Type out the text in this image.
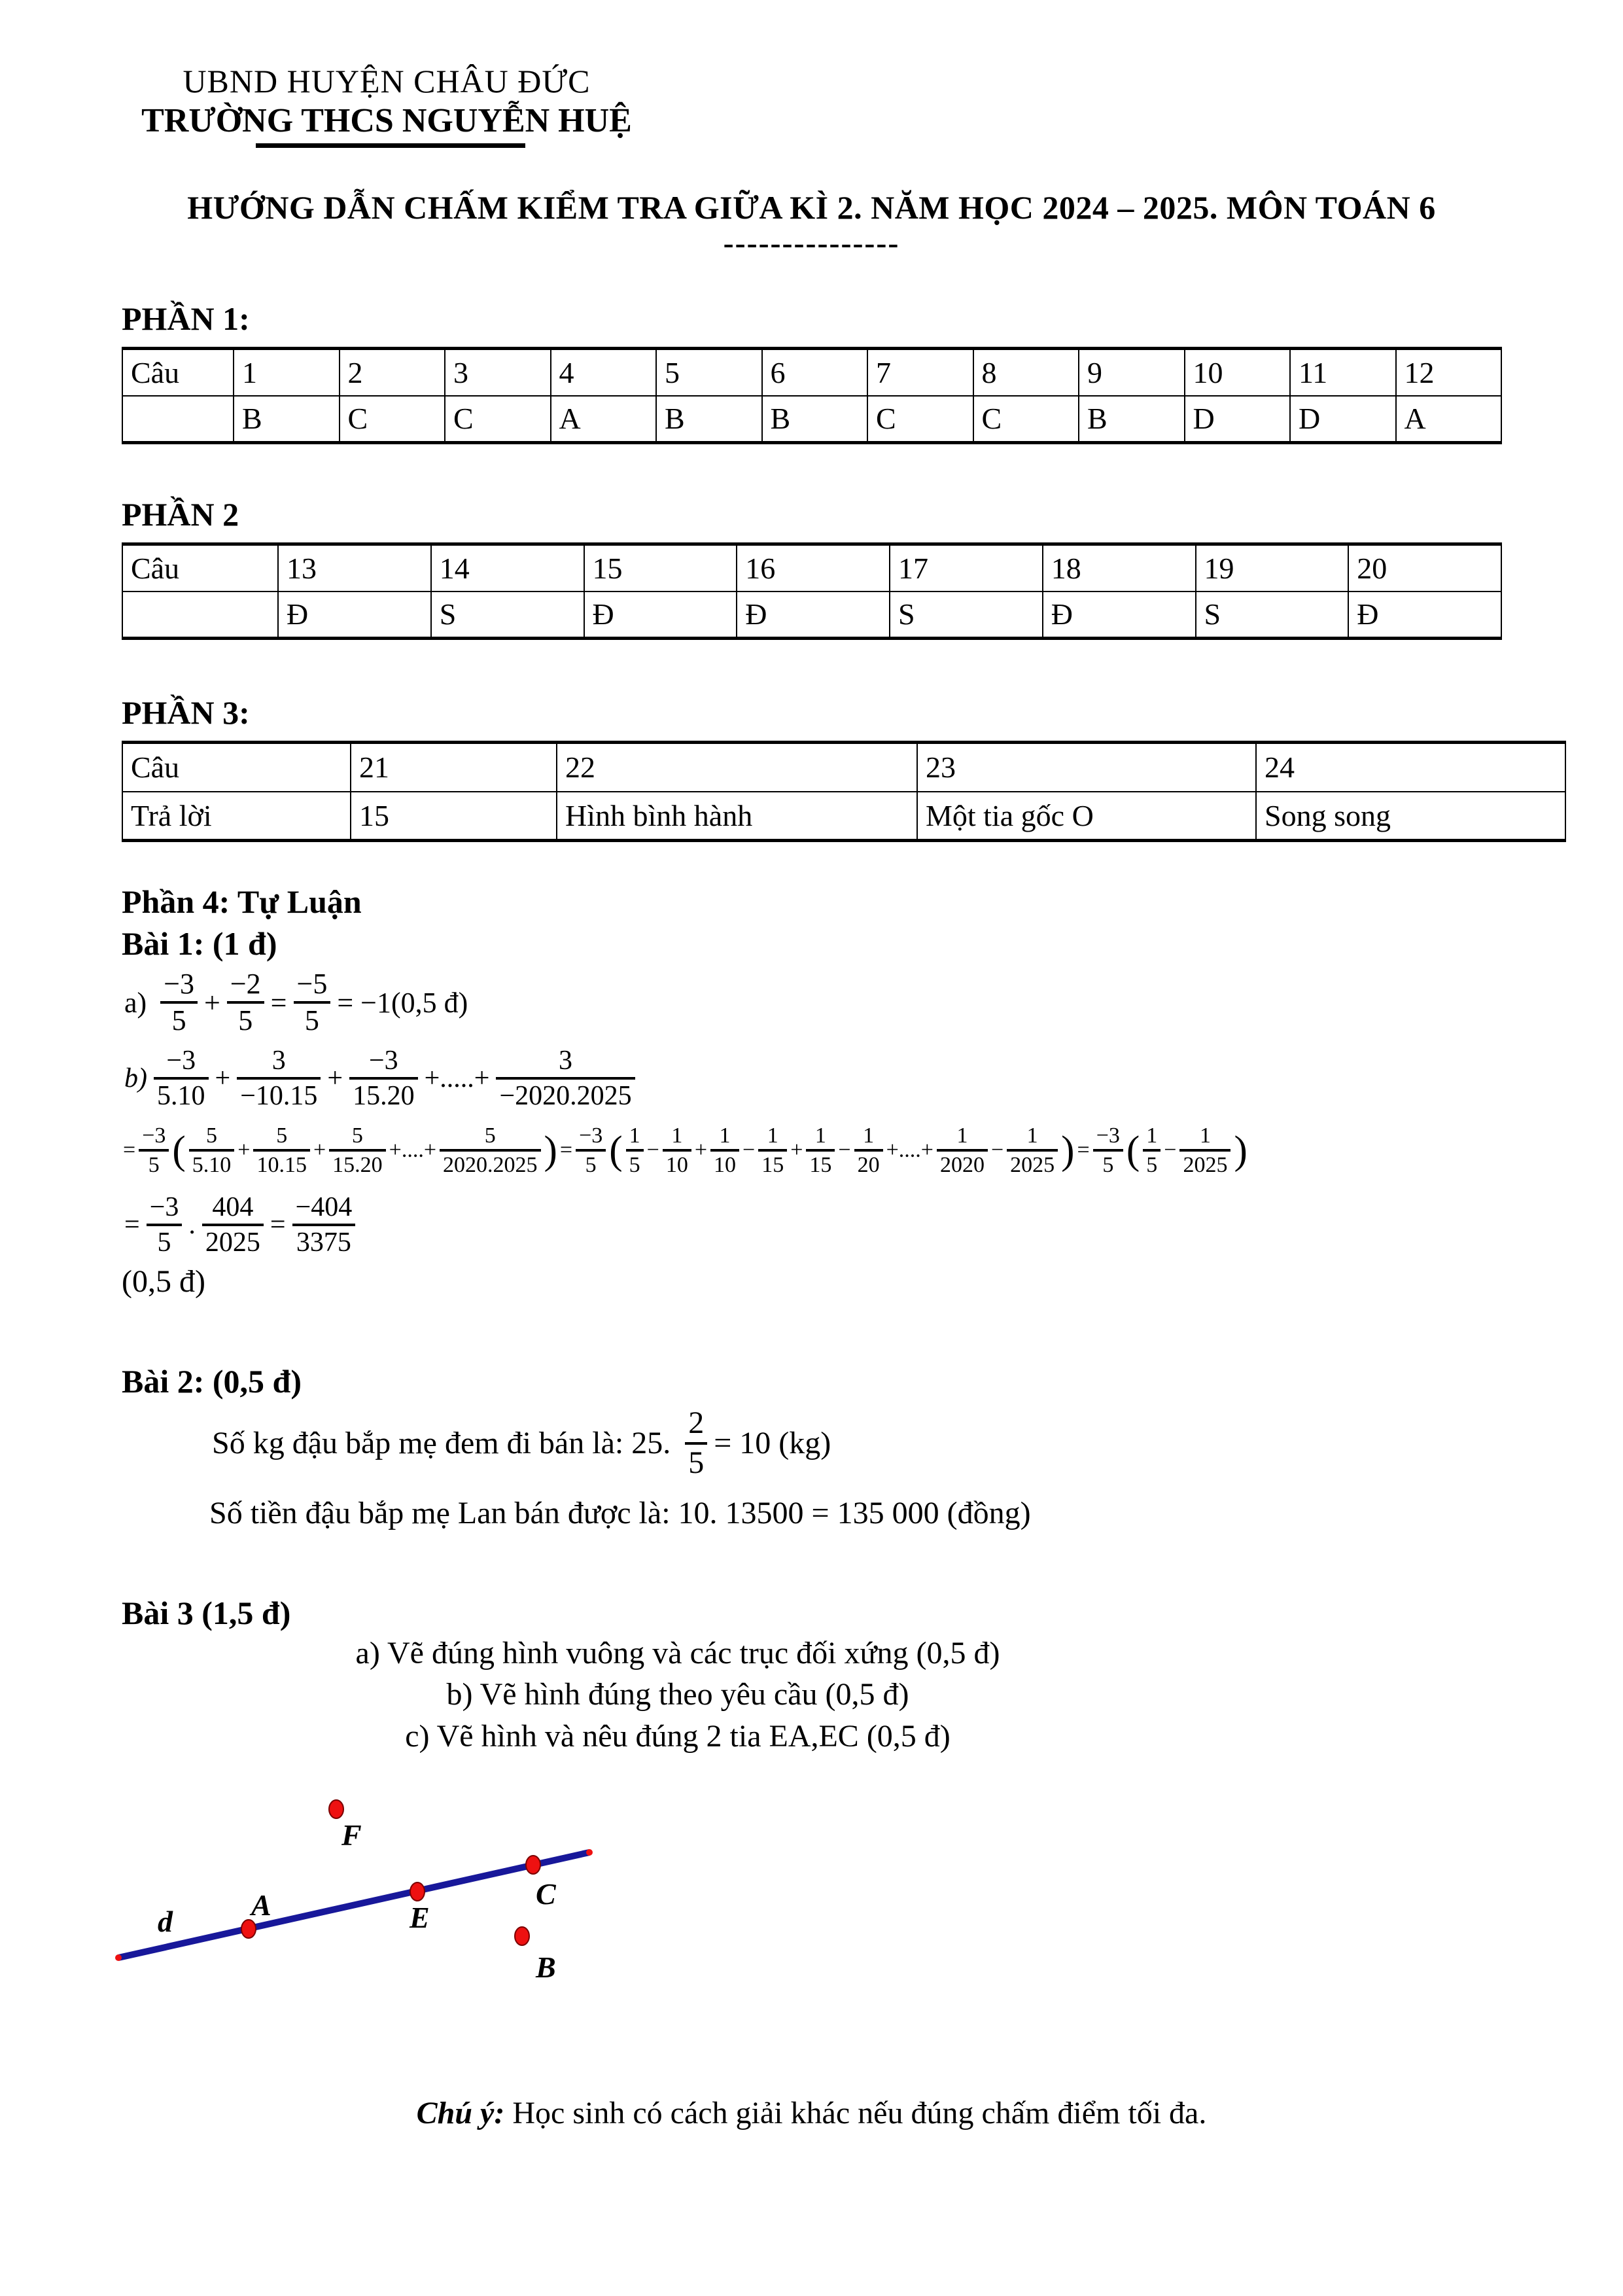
UBND HUYỆN CHÂU ĐỨC
TRƯỜNG THCS NGUYỄN HUỆ
HƯỚNG DẪN CHẤM KIỂM TRA GIỮA KÌ 2. NĂM HỌC 2024 – 2025. MÔN TOÁN 6
---------------
PHẦN 1:
Câu	1	2	3	4	5	6	7	8	9	10	11	12
	B	C	C	A	B	B	C	C	B	D	D	A
PHẦN 2
Câu	13	14	15	16	17	18	19	20
	Đ	S	Đ	Đ	S	Đ	S	Đ
PHẦN 3:
Câu	21	22	23	24
Trả lời	15	Hình bình hành	Một tia gốc O	Song song
Phần 4: Tự Luận
Bài 1: (1 đ)
$a) \frac{-3}{5} + \frac{-2}{5} = \frac{-5}{5} = -1(0,5$ đ)
$b) \frac{-3}{5.10} + \frac{3}{-10.15} + \frac{-3}{15.20}$ +.....+ $\frac{3}{-2020.2025}$
= $\frac{-3}{5}$ ( $\frac{5}{5.10} + \frac{5}{10.15} + \frac{5}{15.20}$ +....+ $\frac{5}{2020.2025}$ ) = $\frac{-3}{5}$ ( $\frac{1}{5} - \frac{1}{10} + \frac{1}{10} - \frac{1}{15} + \frac{1}{15} - \frac{1}{20}$ +....+ $\frac{1}{2020} - \frac{1}{2025}$ ) = $\frac{-3}{5}$ ( $\frac{1}{5} - \frac{1}{2025}$ )
= $\frac{-3}{5}$ . $\frac{404}{2025} = \frac{-404}{3375}$
(0,5 đ)
Bài 2: (0,5 đ)
Số kg đậu bắp mẹ đem đi bán là: 25. $\frac{2}{5} = 10$ (kg)
Số tiền đậu bắp mẹ Lan bán được là: 10. 13500 = 135 000 (đồng)
Bài 3 (1,5 đ)
a) Vẽ đúng hình vuông và các trục đối xứng (0,5 đ)
b) Vẽ hình đúng theo yêu cầu (0,5 đ)
c) Vẽ hình và nêu đúng 2 tia EA,EC (0,5 đ)
d	A	E
C
F
B
Chú ý: Học sinh có cách giải khác nếu đúng chấm điểm tối đa.
